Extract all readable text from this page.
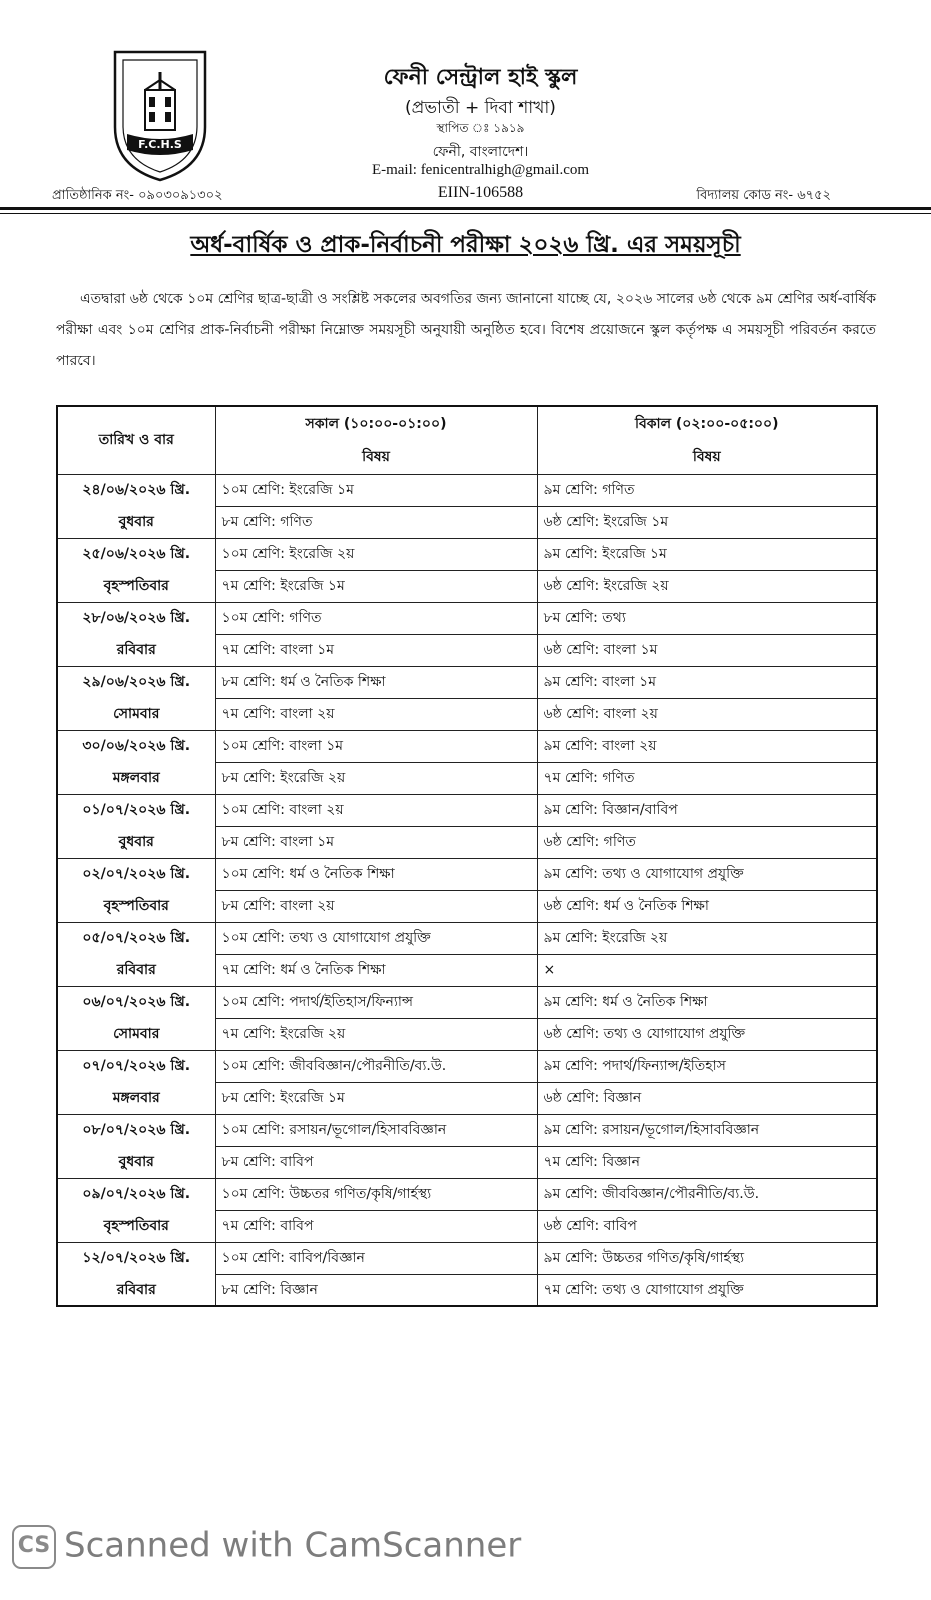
F.C.H.S
ফেনী সেন্ট্রাল হাই স্কুল
(প্রভাতী + দিবা শাখা)
স্থাপিত ঃ ১৯১৯
ফেনী, বাংলাদেশ।
E-mail: fenicentralhigh@gmail.com
প্রাতিষ্ঠানিক নং- ০৯০৩০৯১৩০২	EIIN-106588	বিদ্যালয় কোড নং- ৬৭৫২
অর্ধ-বার্ষিক ও প্রাক-নির্বাচনী পরীক্ষা ২০২৬ খ্রি. এর সময়সূচী
এতদ্বারা ৬ষ্ঠ থেকে ১০ম শ্রেণির ছাত্র-ছাত্রী ও সংশ্লিষ্ট সকলের অবগতির জন্য জানানো যাচ্ছে যে, ২০২৬ সালের ৬ষ্ঠ থেকে ৯ম শ্রেণির অর্ধ-বার্ষিক পরীক্ষা এবং ১০ম শ্রেণির প্রাক-নির্বাচনী পরীক্ষা নিম্নোক্ত সময়সূচী অনুযায়ী অনুষ্ঠিত হবে। বিশেষ প্রয়োজনে স্কুল কর্তৃপক্ষ এ সময়সূচী পরিবর্তন করতে পারবে।
তারিখ ও বার	সকাল (১০:০০-০১:০০)	বিকাল (০২:০০-০৫:০০)
	বিষয়	বিষয়
২৪/০৬/২০২৬ খ্রি.	১০ম শ্রেণি: ইংরেজি ১ম	৯ম শ্রেণি: গণিত
বুধবার	৮ম শ্রেণি: গণিত	৬ষ্ঠ শ্রেণি: ইংরেজি ১ম
২৫/০৬/২০২৬ খ্রি.	১০ম শ্রেণি: ইংরেজি ২য়	৯ম শ্রেণি: ইংরেজি ১ম
বৃহস্পতিবার	৭ম শ্রেণি: ইংরেজি ১ম	৬ষ্ঠ শ্রেণি: ইংরেজি ২য়
২৮/০৬/২০২৬ খ্রি.	১০ম শ্রেণি: গণিত	৮ম শ্রেণি: তথ্য
রবিবার	৭ম শ্রেণি: বাংলা ১ম	৬ষ্ঠ শ্রেণি: বাংলা ১ম
২৯/০৬/২০২৬ খ্রি.	৮ম শ্রেণি: ধর্ম ও নৈতিক শিক্ষা	৯ম শ্রেণি: বাংলা ১ম
সোমবার	৭ম শ্রেণি: বাংলা ২য়	৬ষ্ঠ শ্রেণি: বাংলা ২য়
৩০/০৬/২০২৬ খ্রি.	১০ম শ্রেণি: বাংলা ১ম	৯ম শ্রেণি: বাংলা ২য়
মঙ্গলবার	৮ম শ্রেণি: ইংরেজি ২য়	৭ম শ্রেণি: গণিত
০১/০৭/২০২৬ খ্রি.	১০ম শ্রেণি: বাংলা ২য়	৯ম শ্রেণি: বিজ্ঞান/বাবিপ
বুধবার	৮ম শ্রেণি: বাংলা ১ম	৬ষ্ঠ শ্রেণি: গণিত
০২/০৭/২০২৬ খ্রি.	১০ম শ্রেণি: ধর্ম ও নৈতিক শিক্ষা	৯ম শ্রেণি: তথ্য ও যোগাযোগ প্রযুক্তি
বৃহস্পতিবার	৮ম শ্রেণি: বাংলা ২য়	৬ষ্ঠ শ্রেণি: ধর্ম ও নৈতিক শিক্ষা
০৫/০৭/২০২৬ খ্রি.	১০ম শ্রেণি: তথ্য ও যোগাযোগ প্রযুক্তি	৯ম শ্রেণি: ইংরেজি ২য়
রবিবার	৭ম শ্রেণি: ধর্ম ও নৈতিক শিক্ষা	×
০৬/০৭/২০২৬ খ্রি.	১০ম শ্রেণি: পদার্থ/ইতিহাস/ফিন্যান্স	৯ম শ্রেণি: ধর্ম ও নৈতিক শিক্ষা
সোমবার	৭ম শ্রেণি: ইংরেজি ২য়	৬ষ্ঠ শ্রেণি: তথ্য ও যোগাযোগ প্রযুক্তি
০৭/০৭/২০২৬ খ্রি.	১০ম শ্রেণি: জীববিজ্ঞান/পৌরনীতি/ব্য.উ.	৯ম শ্রেণি: পদার্থ/ফিন্যান্স/ইতিহাস
মঙ্গলবার	৮ম শ্রেণি: ইংরেজি ১ম	৬ষ্ঠ শ্রেণি: বিজ্ঞান
০৮/০৭/২০২৬ খ্রি.	১০ম শ্রেণি: রসায়ন/ভূগোল/হিসাববিজ্ঞান	৯ম শ্রেণি: রসায়ন/ভূগোল/হিসাববিজ্ঞান
বুধবার	৮ম শ্রেণি: বাবিপ	৭ম শ্রেণি: বিজ্ঞান
০৯/০৭/২০২৬ খ্রি.	১০ম শ্রেণি: উচ্চতর গণিত/কৃষি/গার্হস্থ্য	৯ম শ্রেণি: জীববিজ্ঞান/পৌরনীতি/ব্য.উ.
বৃহস্পতিবার	৭ম শ্রেণি: বাবিপ	৬ষ্ঠ শ্রেণি: বাবিপ
১২/০৭/২০২৬ খ্রি.	১০ম শ্রেণি: বাবিপ/বিজ্ঞান	৯ম শ্রেণি: উচ্চতর গণিত/কৃষি/গার্হস্থ্য
রবিবার	৮ম শ্রেণি: বিজ্ঞান	৭ম শ্রেণি: তথ্য ও যোগাযোগ প্রযুক্তি
CS Scanned with CamScanner
